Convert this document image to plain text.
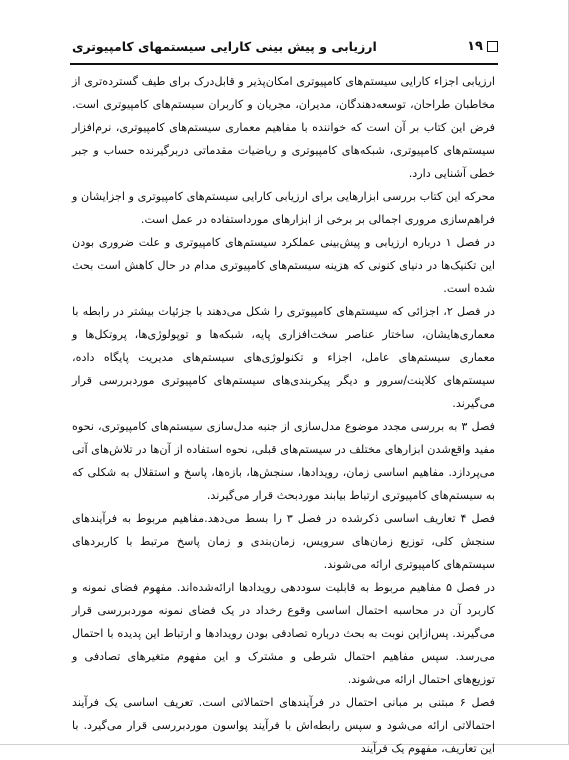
۱۹
ارزیابی و پیش بینی کارایی سیستمهای کامپیوتری

ارزیابی اجزاء کارایی سیستم‌های کامپیوتری امکان‌پذیر و قابل‌درک برای طیف گسترده‌تری از مخاطبان طراحان، توسعه‌دهندگان، مدیران، مجریان و کاربران سیستم‌های کامپیوتری است. فرض این کتاب بر آن است که خواننده با مفاهیم معماری سیستم‌های کامپیوتری، نرم‌افزار سیستم‌های کامپیوتری، شبکه‌های کامپیوتری و ریاضیات مقدماتی دربرگیرنده حساب و جبر خطی آشنایی دارد.

محرکه این کتاب بررسی ابزارهایی برای ارزیابی کارایی سیستم‌های کامپیوتری و اجزایشان و فراهم‌سازی مروری اجمالی بر برخی از ابزارهای مورداستفاده در عمل است.

در فصل ۱ درباره ارزیابی و پیش‌بینی عملکرد سیستم‌های کامپیوتری و علت ضروری بودن این تکنیک‌ها در دنیای کنونی که هزینه سیستم‌های کامپیوتری مدام در حال کاهش است بحث شده است.

در فصل ۲، اجزائی که سیستم‌های کامپیوتری را شکل می‌دهند با جزئیات بیشتر در رابطه با معماری‌هایشان، ساختار عناصر سخت‌افزاری پایه، شبکه‌ها و توپولوژی‌ها، پروتکل‌ها و معماری سیستم‌های عامل، اجزاء و تکنولوژی‌های سیستم‌های مدیریت پایگاه داده، سیستم‌های کلاینت/سرور و دیگر پیکربندی‌های سیستم‌های کامپیوتری موردبررسی قرار می‌گیرند.

فصل ۳ به بررسی مجدد موضوع مدل‌سازی از جنبه مدل‌سازی سیستم‌های کامپیوتری، نحوه مفید واقع‌شدن ابزارهای مختلف در سیستم‌های قبلی، نحوه استفاده از آن‌ها در تلاش‌های آتی می‌پردازد. مفاهیم اساسی زمان، رویدادها، سنجش‌ها، بازه‌ها، پاسخ و استقلال به شکلی که به سیستم‌های کامپیوتری ارتباط بیابند موردبحث قرار می‌گیرند.

فصل ۴ تعاریف اساسی ذکرشده در فصل ۳ را بسط می‌دهد.مفاهیم مربوط به فرآیندهای سنجش کلی، توزیع زمان‌های سرویس، زمان‌بندی و زمان پاسخ مرتبط با کاربردهای سیستم‌های کامپیوتری ارائه می‌شوند.

در فصل ۵ مفاهیم مربوط به قابلیت سوددهی رویدادها ارائه‌شده‌اند. مفهوم فضای نمونه و کاربرد آن در محاسبه احتمال اساسی وقوع رخداد در یک فضای نمونه موردبررسی قرار می‌گیرند. پس‌ازاین نوبت به بحث درباره تصادفی بودن رویدادها و ارتباط این پدیده با احتمال می‌رسد. سپس مفاهیم احتمال شرطی و مشترک و این مفهوم متغیرهای تصادفی و توزیع‌های احتمال ارائه می‌شوند.

فصل ۶ مبتنی بر مبانی احتمال در فرآیندهای احتمالاتی است. تعریف اساسی یک فرآیند احتمالاتی ارائه می‌شود و سپس رابطه‌اش با فرآیند پواسون موردبررسی قرار می‌گیرد. با این تعاریف، مفهوم یک فرآیند
